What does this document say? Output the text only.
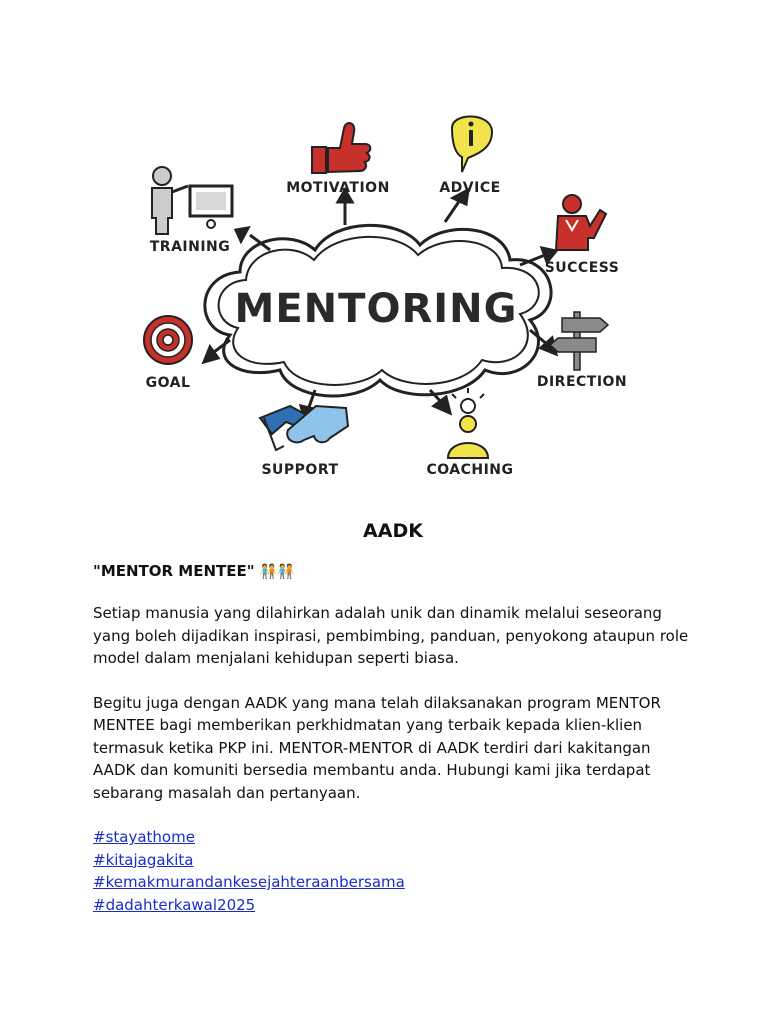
MENTORING
MOTIVATION	ADVICE
TRAINING
SUCCESS
DIRECTION
GOAL
SUPPORT	COACHING
AADK
"MENTOR MENTEE" 🧑‍🤝‍🧑🧑‍🤝‍🧑

Setiap manusia yang dilahirkan adalah unik dan dinamik melalui seseorang yang boleh dijadikan inspirasi, pembimbing, panduan, penyokong ataupun role model dalam menjalani kehidupan seperti biasa.

Begitu juga dengan AADK yang mana telah dilaksanakan program MENTOR MENTEE bagi memberikan perkhidmatan yang terbaik kepada klien-klien termasuk ketika PKP ini. MENTOR-MENTOR di AADK terdiri dari kakitangan AADK dan komuniti bersedia membantu anda. Hubungi kami jika terdapat sebarang masalah dan pertanyaan.

#stayathome
#kitajagakita
#kemakmurandankesejahteraanbersama
#dadahterkawal2025
